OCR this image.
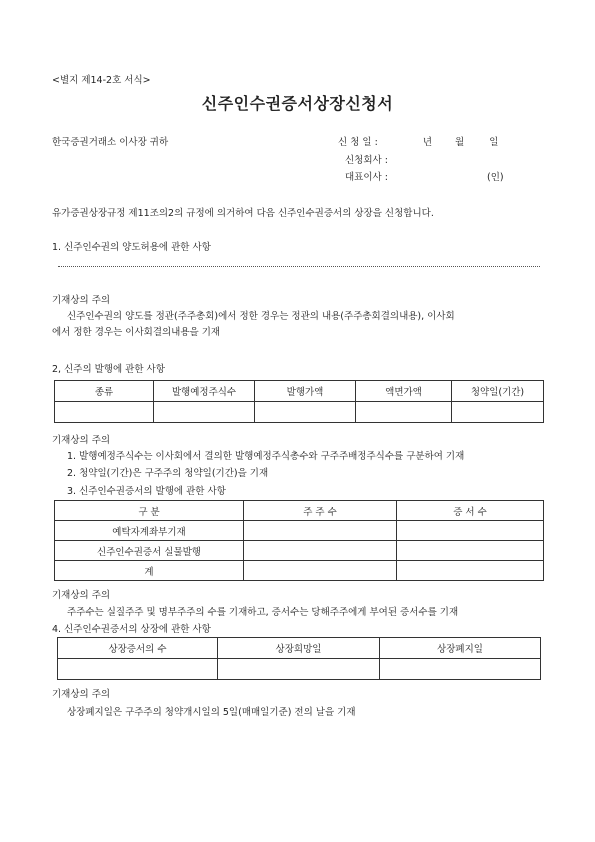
<별지 제14-2호 서식>
신주인수권증서상장신청서
한국증권거래소 이사장 귀하	신 청 일 :	년 월	일
신청회사 :
대표이사 :	(인)
유가증권상장규정 제11조의2의 규정에 의거하여 다음 신주인수권증서의 상장을 신청합니다.
1. 신주인수권의 양도허용에 관한 사항
기재상의 주의
신주인수권의 양도를 정관(주주총회)에서 정한 경우는 정관의 내용(주주총회결의내용), 이사회
에서 정한 경우는 이사회결의내용을 기재
2, 신주의 발행에 관한 사항
종류	발행예정주식수	발행가액	액면가액	청약일(기간)

기재상의 주의
1. 발행예정주식수는 이사회에서 결의한 발행예정주식총수와 구주주배정주식수를 구분하여 기재
2. 청약일(기간)은 구주주의 청약일(기간)을 기재
3. 신주인수권증서의 발행에 관한 사항
구 분	주 주 수	증 서 수
예탁자계좌부기재		
신주인수권증서 실물발행		
계		
기재상의 주의
주주수는 실질주주 및 명부주주의 수를 기재하고, 증서수는 당해주주에게 부여된 증서수를 기재
4. 신주인수권증서의 상장에 관한 사항
상장증서의 수	상장희망일	상장폐지일

기재상의 주의
상장폐지일은 구주주의 청약개시일의 5일(매매일기준) 전의 날을 기재
